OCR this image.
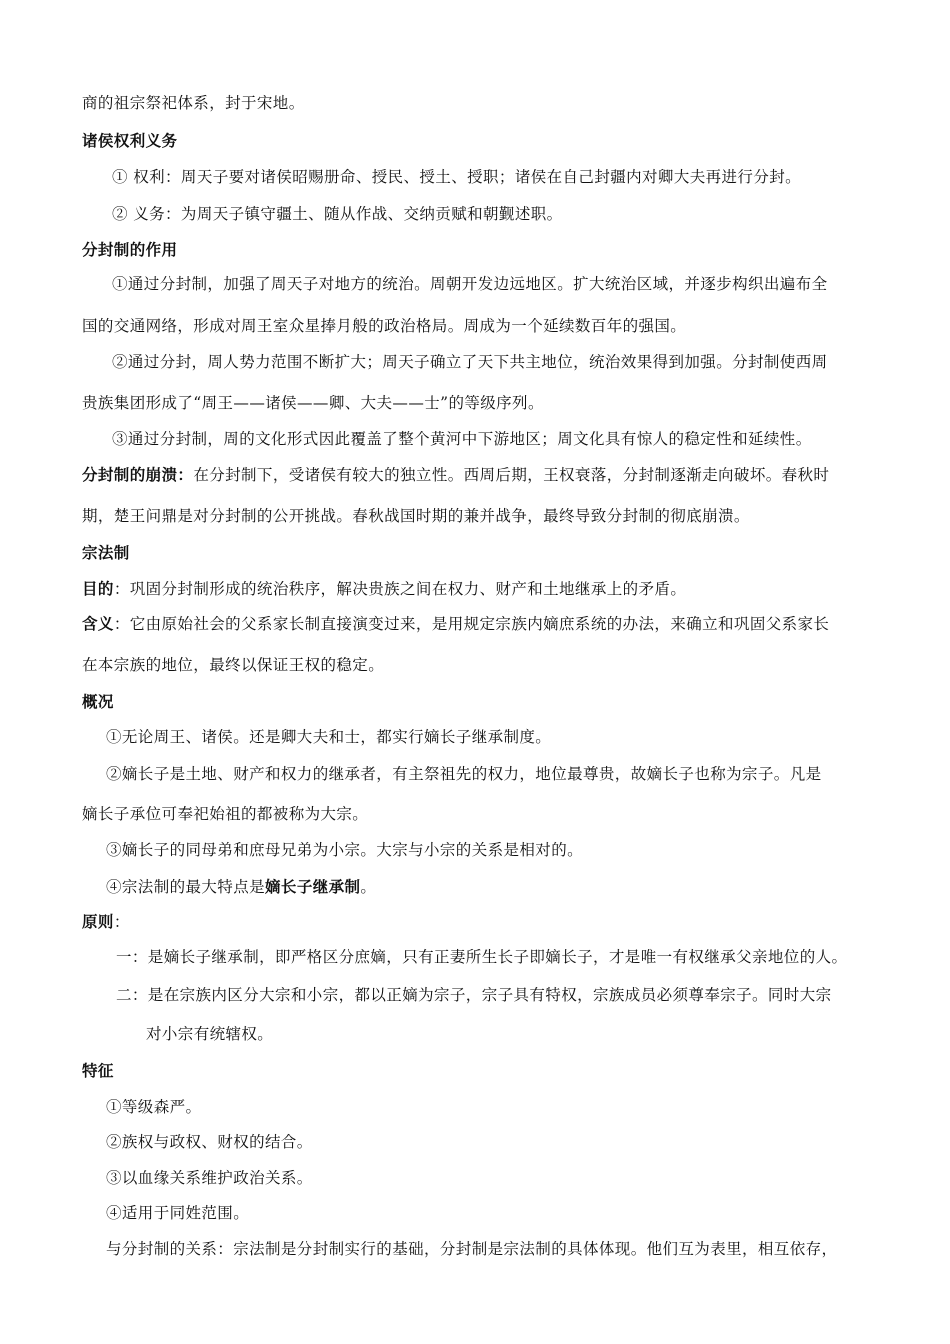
商的祖宗祭祀体系，封于宋地。
诸侯权利义务
① 权利：周天子要对诸侯昭赐册命、授民、授土、授职；诸侯在自己封疆内对卿大夫再进行分封。
② 义务：为周天子镇守疆土、随从作战、交纳贡赋和朝觐述职。
分封制的作用
①通过分封制，加强了周天子对地方的统治。周朝开发边远地区。扩大统治区域，并逐步构织出遍布全
国的交通网络，形成对周王室众星捧月般的政治格局。周成为一个延续数百年的强国。
②通过分封，周人势力范围不断扩大；周天子确立了天下共主地位，统治效果得到加强。分封制使西周
贵族集团形成了“周王——诸侯——卿、大夫——士”的等级序列。
③通过分封制，周的文化形式因此覆盖了整个黄河中下游地区；周文化具有惊人的稳定性和延续性。
分封制的崩溃：在分封制下，受诸侯有较大的独立性。西周后期，王权衰落，分封制逐渐走向破坏。春秋时
期，楚王问鼎是对分封制的公开挑战。春秋战国时期的兼并战争，最终导致分封制的彻底崩溃。
宗法制
目的：巩固分封制形成的统治秩序，解决贵族之间在权力、财产和土地继承上的矛盾。
含义：它由原始社会的父系家长制直接演变过来，是用规定宗族内嫡庶系统的办法，来确立和巩固父系家长
在本宗族的地位，最终以保证王权的稳定。
概况
①无论周王、诸侯。还是卿大夫和士，都实行嫡长子继承制度。
②嫡长子是土地、财产和权力的继承者，有主祭祖先的权力，地位最尊贵，故嫡长子也称为宗子。凡是
嫡长子承位可奉祀始祖的都被称为大宗。
③嫡长子的同母弟和庶母兄弟为小宗。大宗与小宗的关系是相对的。
④宗法制的最大特点是嫡长子继承制。
原则：
一：是嫡长子继承制，即严格区分庶嫡，只有正妻所生长子即嫡长子，才是唯一有权继承父亲地位的人。
二：是在宗族内区分大宗和小宗，都以正嫡为宗子，宗子具有特权，宗族成员必须尊奉宗子。同时大宗
对小宗有统辖权。
特征
①等级森严。
②族权与政权、财权的结合。
③以血缘关系维护政治关系。
④适用于同姓范围。
与分封制的关系：宗法制是分封制实行的基础，分封制是宗法制的具体体现。他们互为表里，相互依存，
